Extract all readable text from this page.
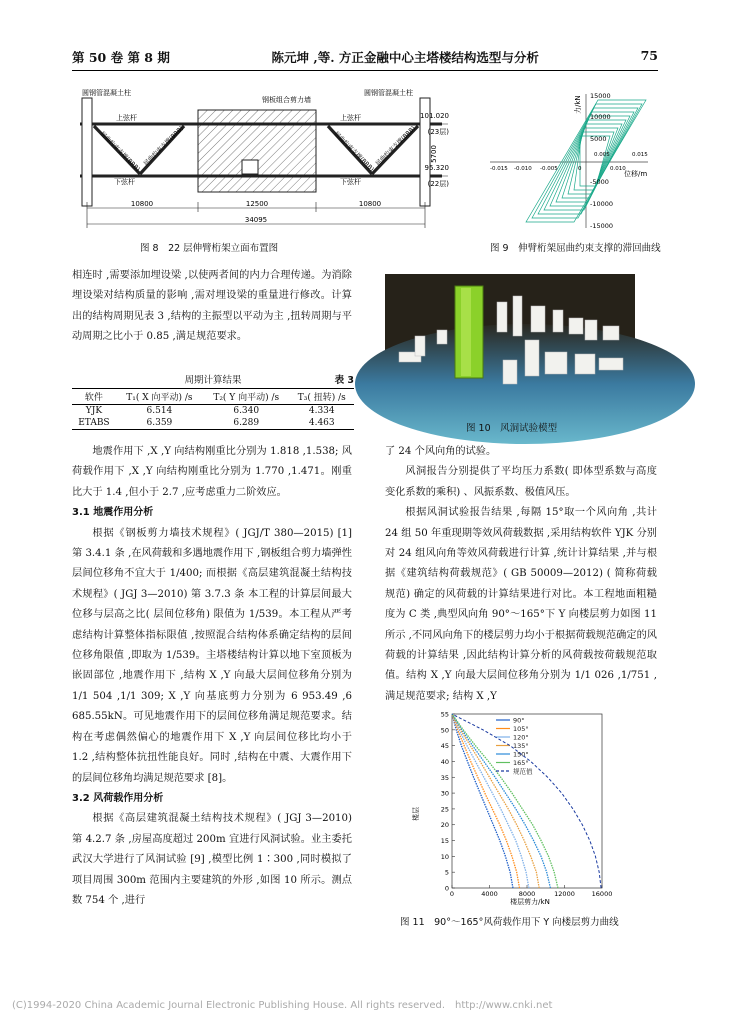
第 50 卷 第 8 期	陈元坤 ,等. 方正金融中心主塔楼结构选型与分析	75
圆钢管混凝土柱
钢板组合剪力墙
圆钢管混凝土柱
上弦杆
下弦杆
上弦杆
下弦杆
屈曲约束支撑(BRB) 屈曲约束支撑(BRB)	屈曲约束支撑(BRB) 屈曲约束支撑(BRB)
101.020
(23层)
95.320
(22层)
5700
10800	12500	10800
34095
图 8　22 层伸臂桁架立面布置图
15000
10000
5000
-5000
-10000
-15000
-0.015 -0.010 -0.005	0
0.005
0.010
0.015
位移/m
力/kN
图 9　伸臂桁架屈曲约束支撑的滞回曲线

相连时 ,需要添加埋设梁 ,以使两者间的内力合理传递。为消除埋设梁对结构质量的影响 ,需对埋设梁的重量进行修改。计算出的结构周期见表 3 ,结构的主振型以平动为主 ,扭转周期与平动周期之比小于 0.85 ,满足规范要求。

周期计算结果	表 3
软件	T₁( X 向平动) /s	T₂( Y 向平动) /s	T₃( 扭转) /s
YJK	6.514	6.340	4.334
ETABS	6.359	6.289	4.463

地震作用下 ,X ,Y 向结构刚重比分别为 1.818 ,1.538; 风荷载作用下 ,X ,Y 向结构刚重比分别为 1.770 ,1.471。刚重比大于 1.4 ,但小于 2.7 ,应考虑重力二阶效应。

3.1 地震作用分析

根据《钢板剪力墙技术规程》( JGJ/T 380—2015) [1] 第 3.4.1 条 ,在风荷载和多遇地震作用下 ,钢板组合剪力墙弹性层间位移角不宜大于 1/400; 而根据《高层建筑混凝土结构技术规程》( JGJ 3—2010) 第 3.7.3 条 本工程的计算层间最大位移与层高之比( 层间位移角) 限值为 1/539。本工程从严考虑结构计算整体指标限值 ,按照混合结构体系确定结构的层间位移角限值 ,即取为 1/539。主塔楼结构计算以地下室顶板为嵌固部位 ,地震作用下 ,结构 X ,Y 向最大层间位移角分别为 1/1 504 ,1/1 309; X ,Y 向基底剪力分别为 6 953.49 ,6 685.55kN。可见地震作用下的层间位移角满足规范要求。结构在考虑偶然偏心的地震作用下 X ,Y 向层间位移比均小于 1.2 ,结构整体抗扭性能良好。同时 ,结构在中震、大震作用下的层间位移角均满足规范要求 [8]。

3.2 风荷载作用分析

根据《高层建筑混凝土结构技术规程》( JGJ 3—2010) 第 4.2.7 条 ,房屋高度超过 200m 宜进行风洞试验。业主委托武汉大学进行了风洞试验 [9] ,模型比例 1∶300 ,同时模拟了项目周围 300m 范围内主要建筑的外形 ,如图 10 所示。测点数 754 个 ,进行

图 10　风洞试验模型

了 24 个风向角的试验。

风洞报告分别提供了平均压力系数( 即体型系数与高度变化系数的乘积) 、风振系数、极值风压。

根据风洞试验报告结果 ,每隔 15°取一个风向角 ,共计 24 组 50 年重现期等效风荷载数据 ,采用结构软件 YJK 分别对 24 组风向角等效风荷载进行计算 ,统计计算结果 ,并与根据《建筑结构荷载规范》( GB 50009—2012) ( 简称荷载规范) 确定的风荷载的计算结果进行对比。本工程地面粗糙度为 C 类 ,典型风向角 90°～165°下 Y 向楼层剪力如图 11 所示 ,不同风向角下的楼层剪力均小于根据荷载规范确定的风荷载的计算结果 ,因此结构计算分析的风荷载按荷载规范取值。结构 X ,Y 向最大层间位移角分别为 1/1 026 ,1/751 ,满足规范要求; 结构 X ,Y

0
5
10
15
20
25
30
35
40
45
50
55
0	4000	8000	12000	16000
90°
105°
120°
135°
150°
165°
规范值
楼层
楼层剪力/kN
图 11　90°～165°风荷载作用下 Y 向楼层剪力曲线
(C)1994-2020 China Academic Journal Electronic Publishing House. All rights reserved.　http://www.cnki.net
